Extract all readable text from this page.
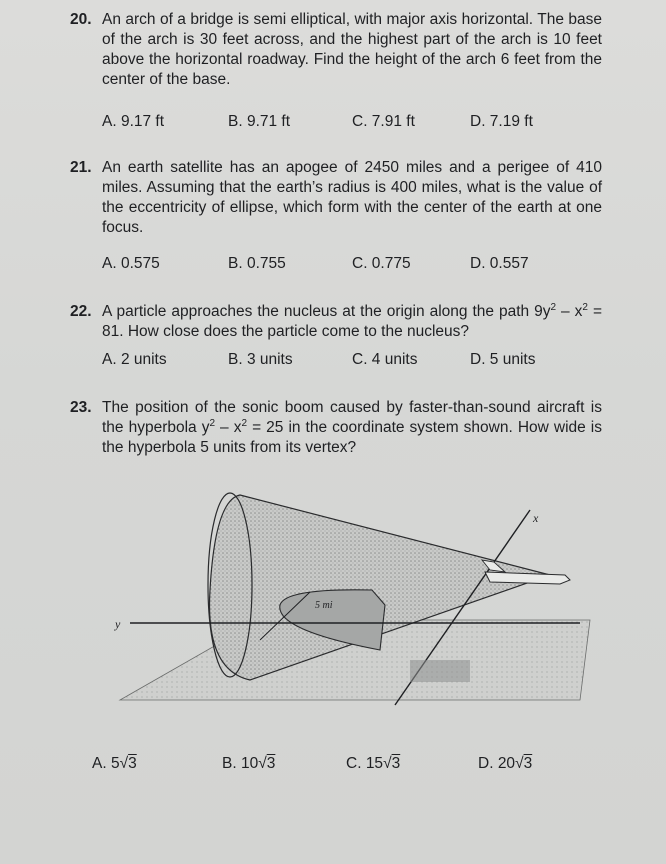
20. An arch of a bridge is semi elliptical, with major axis horizontal. The base of the arch is 30 feet across, and the highest part of the arch is 10 feet above the horizontal roadway. Find the height of the arch 6 feet from the center of the base.
A. 9.17 ft	B. 9.71 ft	C. 7.91 ft	D. 7.19 ft
21. An earth satellite has an apogee of 2450 miles and a perigee of 410 miles. Assuming that the earth’s radius is 400 miles, what is the value of the eccentricity of ellipse, which form with the center of the earth at one focus.
A. 0.575	B. 0.755	C. 0.775	D. 0.557
22. A particle approaches the nucleus at the origin along the path $9y^2 - x^2 = 81$. How close does the particle come to the nucleus?
A. 2 units	B. 3 units	C. 4 units	D. 5 units
23. The position of the sonic boom caused by faster-than-sound aircraft is the hyperbola $y^2 - x^2 = 25$ in the coordinate system shown. How wide is the hyperbola 5 units from its vertex?
y
x
5 mi
A. 5√3	B. 10√3	C. 15√3	D. 20√3
